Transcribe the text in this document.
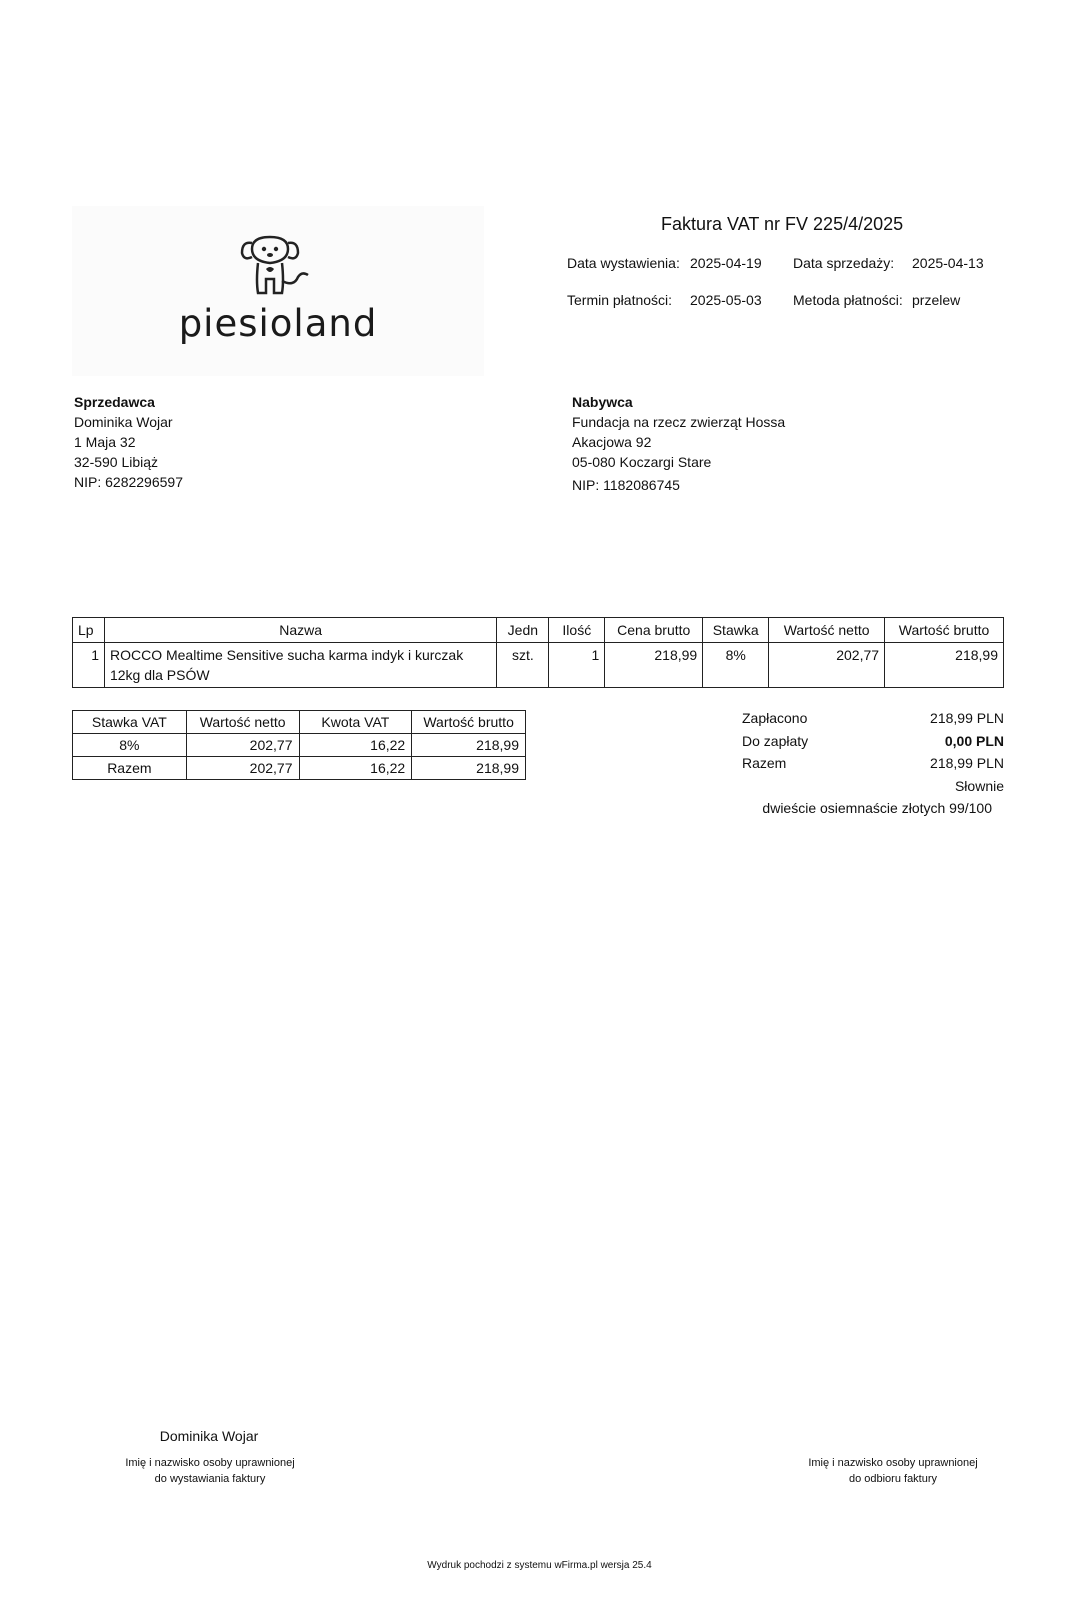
piesioland
Faktura VAT nr FV 225/4/2025
Data wystawienia: 2025-04-19 Data sprzedaży: 2025-04-13
Termin płatności: 2025-05-03 Metoda płatności: przelew
Sprzedawca
Dominika Wojar
1 Maja 32
32-590 Libiąż
NIP: 6282296597
Nabywca
Fundacja na rzecz zwierząt Hossa
Akacjowa 92
05-080 Koczargi Stare
NIP: 1182086745
Lp	Nazwa	Jedn	Ilość	Cena brutto	Stawka	Wartość netto	Wartość brutto
1	ROCCO Mealtime Sensitive sucha karma indyk i kurczak
12kg dla PSÓW	szt.	1	218,99	8%	202,77	218,99
Stawka VAT	Wartość netto	Kwota VAT	Wartość brutto
8%	202,77	16,22	218,99
Razem	202,77	16,22	218,99
Zapłacono	218,99 PLN
Do zapłaty	0,00 PLN
Razem	218,99 PLN
Słownie
dwieście osiemnaście złotych 99/100
Dominika Wojar
Imię i nazwisko osoby uprawnionej
do wystawiania faktury
Imię i nazwisko osoby uprawnionej
do odbioru faktury
Wydruk pochodzi z systemu wFirma.pl wersja 25.4
